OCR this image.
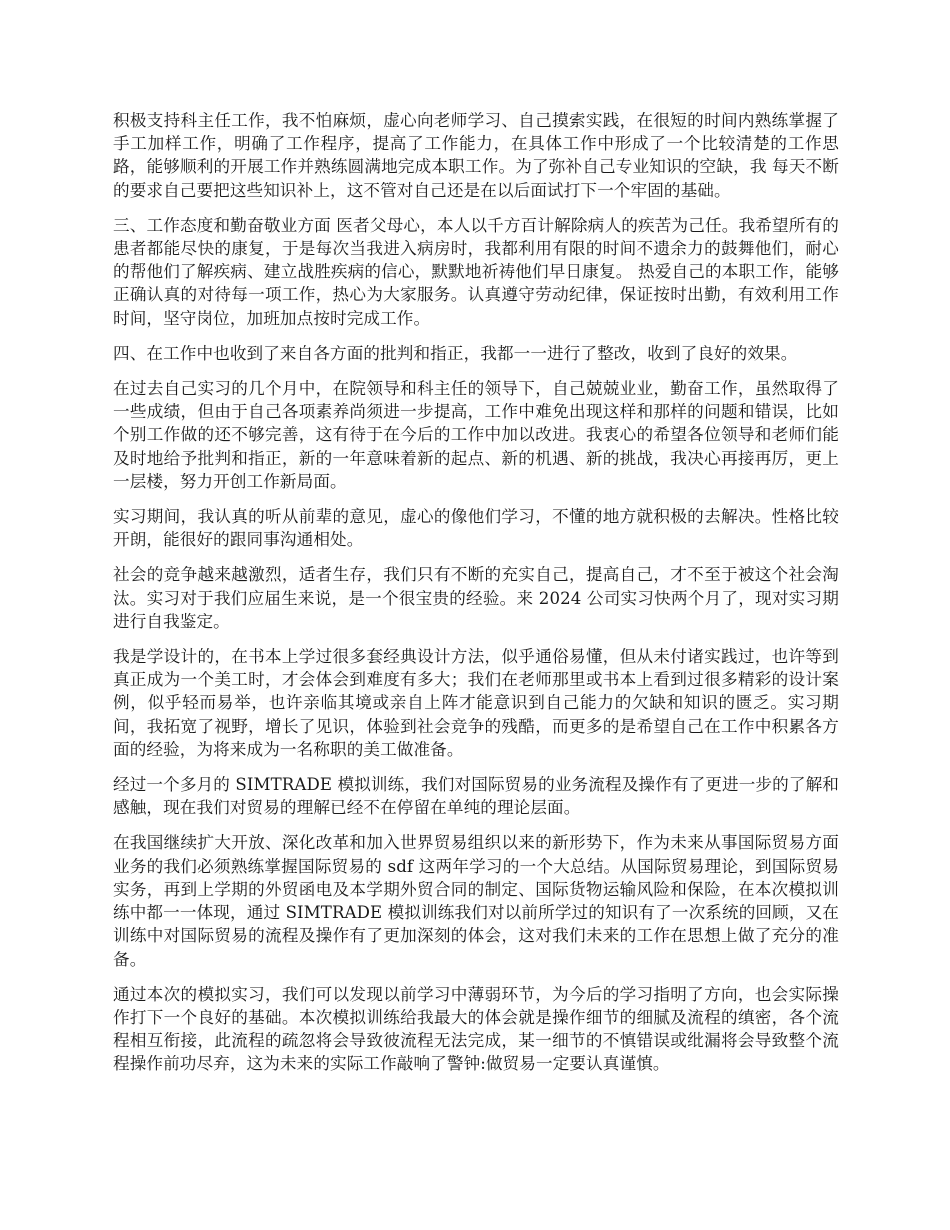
积极支持科主任工作，我不怕麻烦，虚心向老师学习、自己摸索实践，在很短的时间内熟练掌握了手工加样工作，明确了工作程序，提高了工作能力，在具体工作中形成了一个比较清楚的工作思路，能够顺利的开展工作并熟练圆满地完成本职工作。为了弥补自己专业知识的空缺，我 每天不断的要求自己要把这些知识补上，这不管对自己还是在以后面试打下一个牢固的基础。

三、工作态度和勤奋敬业方面 医者父母心，本人以千方百计解除病人的疾苦为己任。我希望所有的患者都能尽快的康复，于是每次当我进入病房时，我都利用有限的时间不遗余力的鼓舞他们，耐心的帮他们了解疾病、建立战胜疾病的信心，默默地祈祷他们早日康复。 热爱自己的本职工作，能够正确认真的对待每一项工作，热心为大家服务。认真遵守劳动纪律，保证按时出勤，有效利用工作时间，坚守岗位，加班加点按时完成工作。

四、在工作中也收到了来自各方面的批判和指正，我都一一进行了整改，收到了良好的效果。

在过去自己实习的几个月中，在院领导和科主任的领导下，自己兢兢业业，勤奋工作，虽然取得了一些成绩，但由于自己各项素养尚须进一步提高，工作中难免出现这样和那样的问题和错误，比如个别工作做的还不够完善，这有待于在今后的工作中加以改进。我衷心的希望各位领导和老师们能及时地给予批判和指正，新的一年意味着新的起点、新的机遇、新的挑战，我决心再接再厉，更上一层楼，努力开创工作新局面。

实习期间，我认真的听从前辈的意见，虚心的像他们学习，不懂的地方就积极的去解决。性格比较开朗，能很好的跟同事沟通相处。

社会的竞争越来越激烈，适者生存，我们只有不断的充实自己，提高自己，才不至于被这个社会淘汰。实习对于我们应届生来说，是一个很宝贵的经验。来 2024 公司实习快两个月了，现对实习期进行自我鉴定。

我是学设计的，在书本上学过很多套经典设计方法，似乎通俗易懂，但从未付诸实践过，也许等到真正成为一个美工时，才会体会到难度有多大；我们在老师那里或书本上看到过很多精彩的设计案例，似乎轻而易举，也许亲临其境或亲自上阵才能意识到自己能力的欠缺和知识的匮乏。实习期间，我拓宽了视野，增长了见识，体验到社会竞争的残酷，而更多的是希望自己在工作中积累各方面的经验，为将来成为一名称职的美工做准备。

经过一个多月的 SIMTRADE 模拟训练，我们对国际贸易的业务流程及操作有了更进一步的了解和感触，现在我们对贸易的理解已经不在停留在单纯的理论层面。

在我国继续扩大开放、深化改革和加入世界贸易组织以来的新形势下，作为未来从事国际贸易方面业务的我们必须熟练掌握国际贸易的 sdf 这两年学习的一个大总结。从国际贸易理论，到国际贸易实务，再到上学期的外贸函电及本学期外贸合同的制定、国际货物运输风险和保险，在本次模拟训练中都一一体现，通过 SIMTRADE 模拟训练我们对以前所学过的知识有了一次系统的回顾，又在训练中对国际贸易的流程及操作有了更加深刻的体会，这对我们未来的工作在思想上做了充分的准备。

通过本次的模拟实习，我们可以发现以前学习中薄弱环节，为今后的学习指明了方向，也会实际操作打下一个良好的基础。本次模拟训练给我最大的体会就是操作细节的细腻及流程的缜密，各个流程相互衔接，此流程的疏忽将会导致彼流程无法完成，某一细节的不慎错误或纰漏将会导致整个流程操作前功尽弃，这为未来的实际工作敲响了警钟:做贸易一定要认真谨慎。
